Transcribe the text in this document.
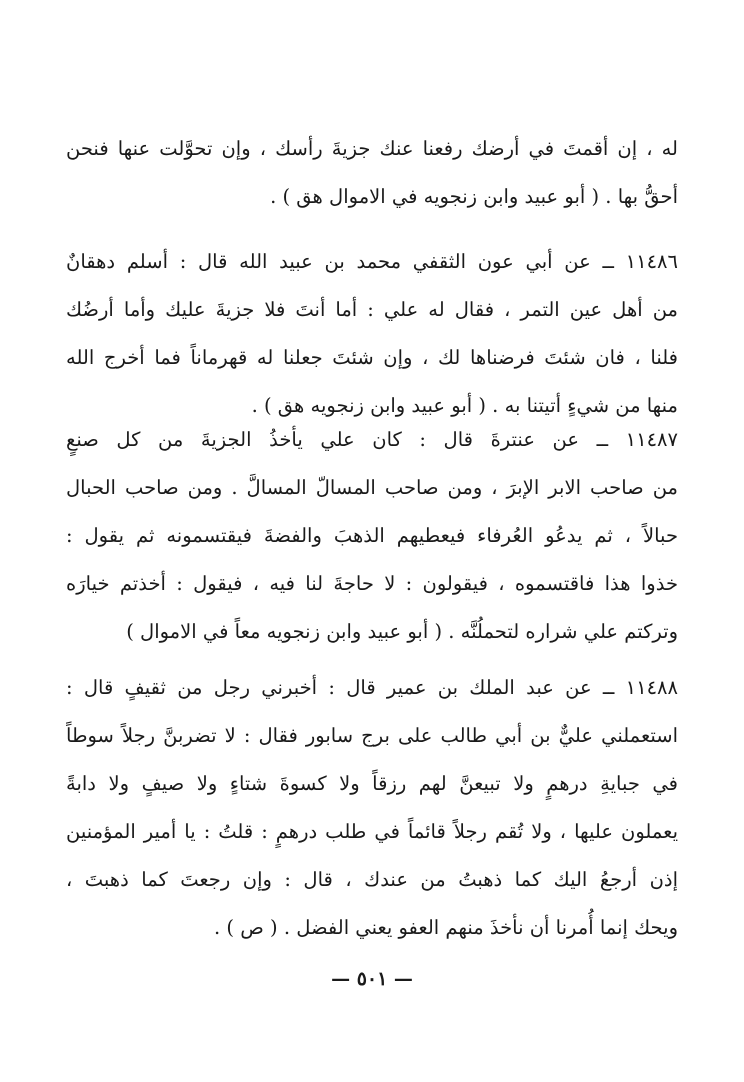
له ، إن أقمتَ في أرضك رفعنا عنك جزيةَ رأسك ، وإن تحوَّلت عنها فنحن
أحقُّ بها . ( أبو عبيد وابن زنجويه في الاموال هق ) .
١١٤٨٦ ــ عن أبي عون الثقفي محمد بن عبيد الله قال : أسلم دهقانٌ
من أهل عين التمر ، فقال له علي : أما أنتَ فلا جزيةَ عليك وأما أرضُك
فلنا ، فان شئتَ فرضناها لك ، وإن شئتَ جعلنا له قهرماناً فما أخرج الله
منها من شيءٍ أتيتنا به . ( أبو عبيد وابن زنجويه هق ) .
١١٤٨٧ ــ عن عنترةَ قال : كان علي يأخذُ الجزيةَ من كل صنعٍ
من صاحب الابر الإبرَ ، ومن صاحب المسالّ المسالَّ . ومن صاحب الحبال
حبالاً ، ثم يدعُو العُرفاء فيعطيهم الذهبَ والفضةَ فيقتسمونه ثم يقول :
خذوا هذا فاقتسموه ، فيقولون : لا حاجةَ لنا فيه ، فيقول : أخذتم خيارَه
وتركتم علي شراره لتحملُنَّه . ( أبو عبيد وابن زنجويه معاً في الاموال )
١١٤٨٨ ــ عن عبد الملك بن عمير قال : أخبرني رجل من ثقيفٍ قال :
استعملني عليٌّ بن أبي طالب على برج سابور فقال : لا تضربنَّ رجلاً سوطاً
في جبايةِ درهمٍ ولا تبيعنَّ لهم رزقاً ولا كسوةَ شتاءٍ ولا صيفٍ ولا دابةً
يعملون عليها ، ولا تُقم رجلاً قائماً في طلب درهمٍ : قلتُ : يا أمير المؤمنين
إذن أرجعُ اليك كما ذهبتُ من عندك ، قال : وإن رجعتَ كما ذهبتَ ،
ويحك إنما أُمرنا أن نأخذَ منهم العفو يعني الفضل . ( ص ) .
— ٥٠١ —
